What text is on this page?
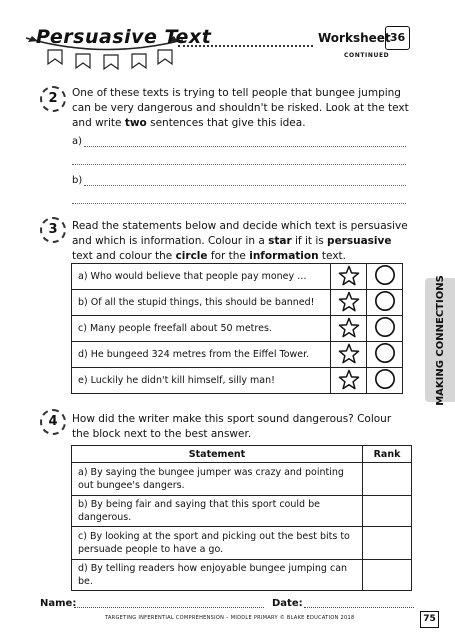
Persuasive Text	Worksheet 36
CONTINUED
2	One of these texts is trying to tell people that bungee jumping can be very dangerous and shouldn't be risked. Look at the text and write two sentences that give this idea.
a)
b)
3	Read the statements below and decide which text is persuasive and which is information. Colour in a star if it is persuasive text and colour the circle for the information text.
a) Who would believe that people pay money …		
b) Of all the stupid things, this should be banned!		
c) Many people freefall about 50 metres.		
d) He bungeed 324 metres from the Eiffel Tower.		
e) Luckily he didn't kill himself, silly man!			MAKING CONNECTIONS
4	How did the writer make this sport sound dangerous? Colour the block next to the best answer.
Statement	Rank
a) By saying the bungee jumper was crazy and pointing out bungee's dangers.	
b) By being fair and saying that this sport could be dangerous.	
c) By looking at the sport and picking out the best bits to persuade people to have a go.	
d) By telling readers how enjoyable bungee jumping can be.	
Name:	Date:
TARGETING INFERENTIAL COMPREHENSION – MIDDLE PRIMARY © BLAKE EDUCATION 2018	75
